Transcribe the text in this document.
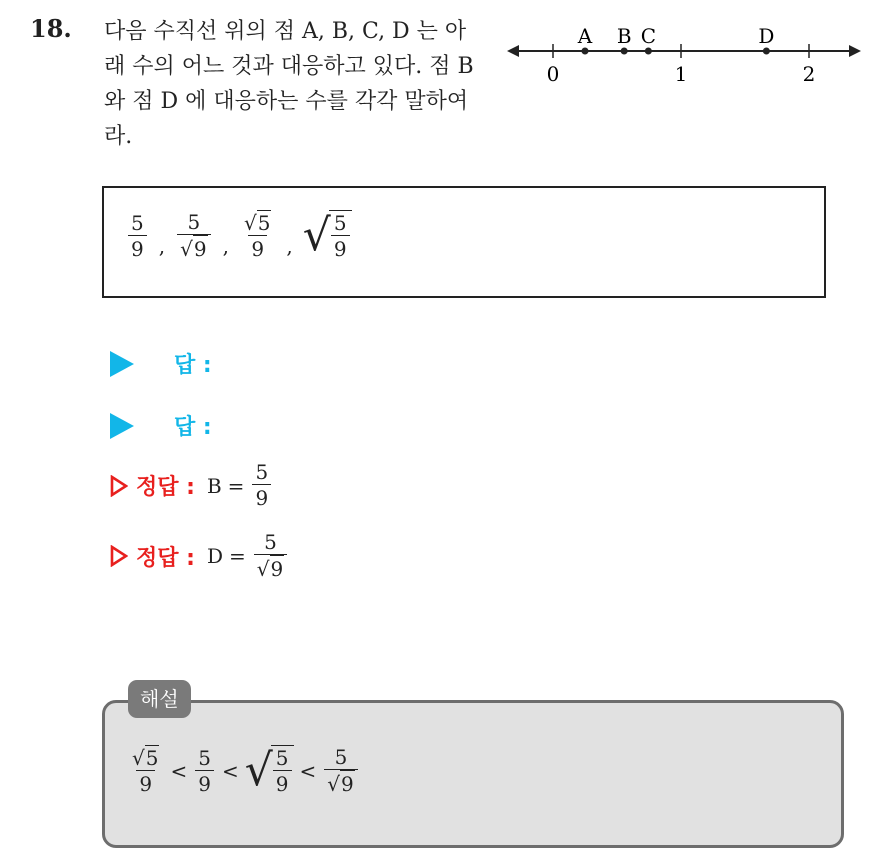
18. 다음 수직선 위의 점 A, B, C, D 는 아래 수의 어느 것과 대응하고 있다. 점 B 와 점 D 에 대응하는 수를 각각 말하여라.
0	1	2
A B C	D
$\frac{5}{9}$ , $\frac{5}{√9}$ , $\frac{√5}{9}$ , √ $\frac{5}{9}$
답 :
답 :
정답 : $B = \frac{5}{9}$
정답 : $D = \frac{5}{√9}$
$\frac{√5}{9} < \frac{5}{9}$ < √ $\frac{5}{9} < \frac{5}{√9}$
해설
